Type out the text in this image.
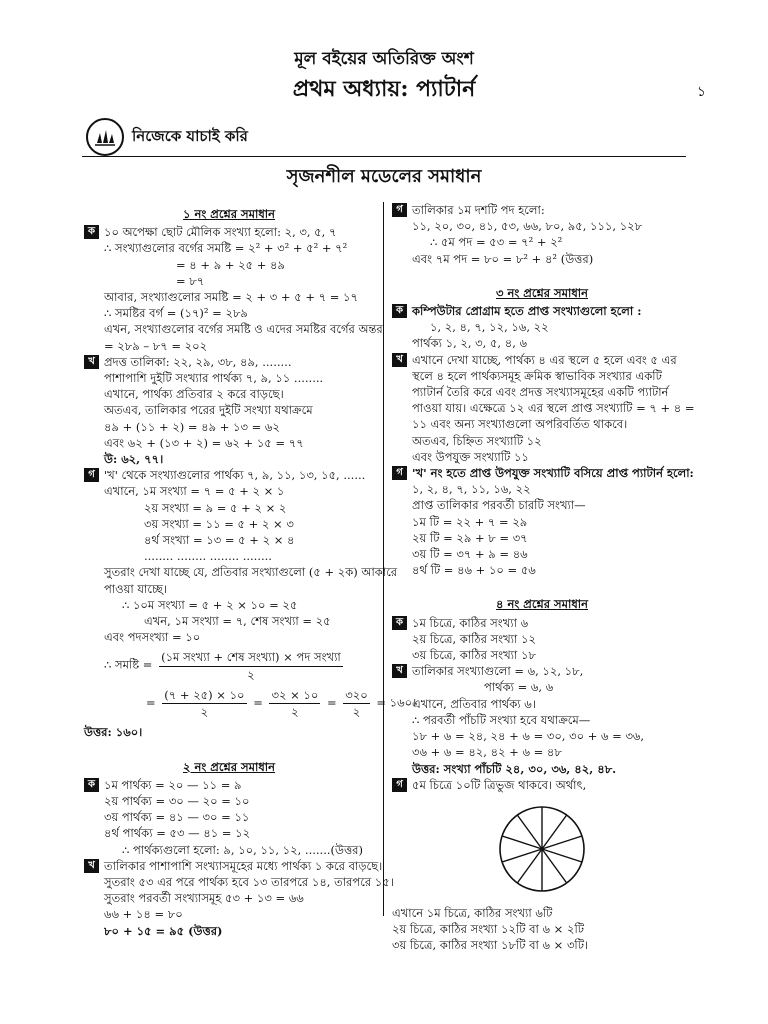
মূল বইয়ের অতিরিক্ত অংশ
প্রথম অধ্যায়: প্যাটার্ন	১
নিজেকে যাচাই করি
সৃজনশীল মডেলের সমাধান
১ নং প্রশ্নের সমাধান
ক ১০ অপেক্ষা ছোট মৌলিক সংখ্যা হলো: ২, ৩, ৫, ৭
∴ সংখ্যাগুলোর বর্গের সমষ্টি = ২² + ৩² + ৫² + ৭²
= ৪ + ৯ + ২৫ + ৪৯
= ৮৭
আবার, সংখ্যাগুলোর সমষ্টি = ২ + ৩ + ৫ + ৭ = ১৭
∴ সমষ্টির বর্গ = (১৭)² = ২৮৯
এখন, সংখ্যাগুলোর বর্গের সমষ্টি ও এদের সমষ্টির বর্গের অন্তর
= ২৮৯ – ৮৭ = ২০২
খ প্রদত্ত তালিকা: ২২, ২৯, ৩৮, ৪৯, ........
পাশাপাশি দুইটি সংখ্যার পার্থক্য ৭, ৯, ১১ ........
এখানে, পার্থক্য প্রতিবার ২ করে বাড়ছে।
অতএব, তালিকার পরের দুইটি সংখ্যা যথাক্রমে
৪৯ + (১১ + ২) = ৪৯ + ১৩ = ৬২
এবং ৬২ + (১৩ + ২) = ৬২ + ১৫ = ৭৭
উ: ৬২, ৭৭।
গ 'খ' থেকে সংখ্যাগুলোর পার্থক্য ৭, ৯, ১১, ১৩, ১৫, ......
এখানে, ১ম সংখ্যা = ৭ = ৫ + ২ × ১
২য় সংখ্যা = ৯ = ৫ + ২ × ২
৩য় সংখ্যা = ১১ = ৫ + ২ × ৩
৪র্থ সংখ্যা = ১৩ = ৫ + ২ × ৪
........ ........ ........ ........
সুতরাং দেখা যাচ্ছে যে, প্রতিবার সংখ্যাগুলো (৫ + ২ক) আকারে
পাওয়া যাচ্ছে।
∴ ১০ম সংখ্যা = ৫ + ২ × ১০ = ২৫
এখন, ১ম সংখ্যা = ৭, শেষ সংখ্যা = ২৫
এবং পদসংখ্যা = ১০
∴ সমষ্টি = $\frac{\text{(১ম সংখ্যা + শেষ সংখ্যা) × পদ সংখ্যা}}{২}$
= $\frac{(৭ + ২৫) \times ১০}{২} = \frac{৩২ \times ১০}{২} = \frac{৩২০}{২}$ = ১৬০।
উত্তর: ১৬০।
২ নং প্রশ্নের সমাধান
ক ১ম পার্থক্য = ২০ — ১১ = ৯
২য় পার্থক্য = ৩০ — ২০ = ১০
৩য় পার্থক্য = ৪১ — ৩০ = ১১
৪র্থ পার্থক্য = ৫৩ — ৪১ = ১২
∴ পার্থক্যগুলো হলো: ৯, ১০, ১১, ১২, .......(উত্তর)
খ তালিকার পাশাপাশি সংখ্যাসমূহের মধ্যে পার্থক্য ১ করে বাড়ছে।
সুতরাং ৫৩ এর পরে পার্থক্য হবে ১৩ তারপরে ১৪, তারপরে ১৫।
সুতরাং পরবর্তী সংখ্যাসমূহ ৫৩ + ১৩ = ৬৬
৬৬ + ১৪ = ৮০
৮০ + ১৫ = ৯৫ (উত্তর)
গ তালিকার ১ম দশটি পদ হলো:
১১, ২০, ৩০, ৪১, ৫৩, ৬৬, ৮০, ৯৫, ১১১, ১২৮
∴ ৫ম পদ = ৫৩ = ৭² + ২²
এবং ৭ম পদ = ৮০ = ৮² + ৪² (উত্তর)
৩ নং প্রশ্নের সমাধান
ক কম্পিউটার প্রোগ্রাম হতে প্রাপ্ত সংখ্যাগুলো হলো :
১, ২, ৪, ৭, ১২, ১৬, ২২
পার্থক্য ১, ২, ৩, ৫, ৪, ৬
খ এখানে দেখা যাচ্ছে, পার্থক্য ৪ এর স্থলে ৫ হলে এবং ৫ এর
স্থলে ৪ হলে পার্থক্যসমূহ ক্রমিক স্বাভাবিক সংখ্যার একটি
প্যাটার্ন তৈরি করে এবং প্রদত্ত সংখ্যাসমূহের একটি প্যাটার্ন
পাওয়া যায়। এক্ষেত্রে ১২ এর স্থলে প্রাপ্ত সংখ্যাটি = ৭ + ৪ =
১১ এবং অন্য সংখ্যাগুলো অপরিবর্তিত থাকবে।
অতএব, চিহ্নিত সংখ্যাটি ১২
এবং উপযুক্ত সংখ্যাটি ১১
গ 'খ' নং হতে প্রাপ্ত উপযুক্ত সংখ্যাটি বসিয়ে প্রাপ্ত প্যাটার্ন হলো:
১, ২, ৪, ৭, ১১, ১৬, ২২
প্রাপ্ত তালিকার পরবর্তী চারটি সংখ্যা—
১ম টি = ২২ + ৭ = ২৯
২য় টি = ২৯ + ৮ = ৩৭
৩য় টি = ৩৭ + ৯ = ৪৬
৪র্থ টি = ৪৬ + ১০ = ৫৬
৪ নং প্রশ্নের সমাধান
ক ১ম চিত্রে, কাঠির সংখ্যা ৬
২য় চিত্রে, কাঠির সংখ্যা ১২
৩য় চিত্রে, কাঠির সংখ্যা ১৮
খ তালিকার সংখ্যাগুলো = ৬, ১২, ১৮,
পার্থক্য = ৬, ৬
এখানে, প্রতিবার পার্থক্য ৬।
∴ পরবর্তী পাঁচটি সংখ্যা হবে যথাক্রমে—
১৮ + ৬ = ২৪, ২৪ + ৬ = ৩০, ৩০ + ৬ = ৩৬,
৩৬ + ৬ = ৪২, ৪২ + ৬ = ৪৮
উত্তর: সংখ্যা পাঁচটি ২৪, ৩০, ৩৬, ৪২, ৪৮.
গ ৫ম চিত্রে ১০টি ত্রিভুজ থাকবে। অর্থাৎ,
এখানে ১ম চিত্রে, কাঠির সংখ্যা ৬টি
২য় চিত্রে, কাঠির সংখ্যা ১২টি বা ৬ × ২টি
৩য় চিত্রে, কাঠির সংখ্যা ১৮টি বা ৬ × ৩টি।
